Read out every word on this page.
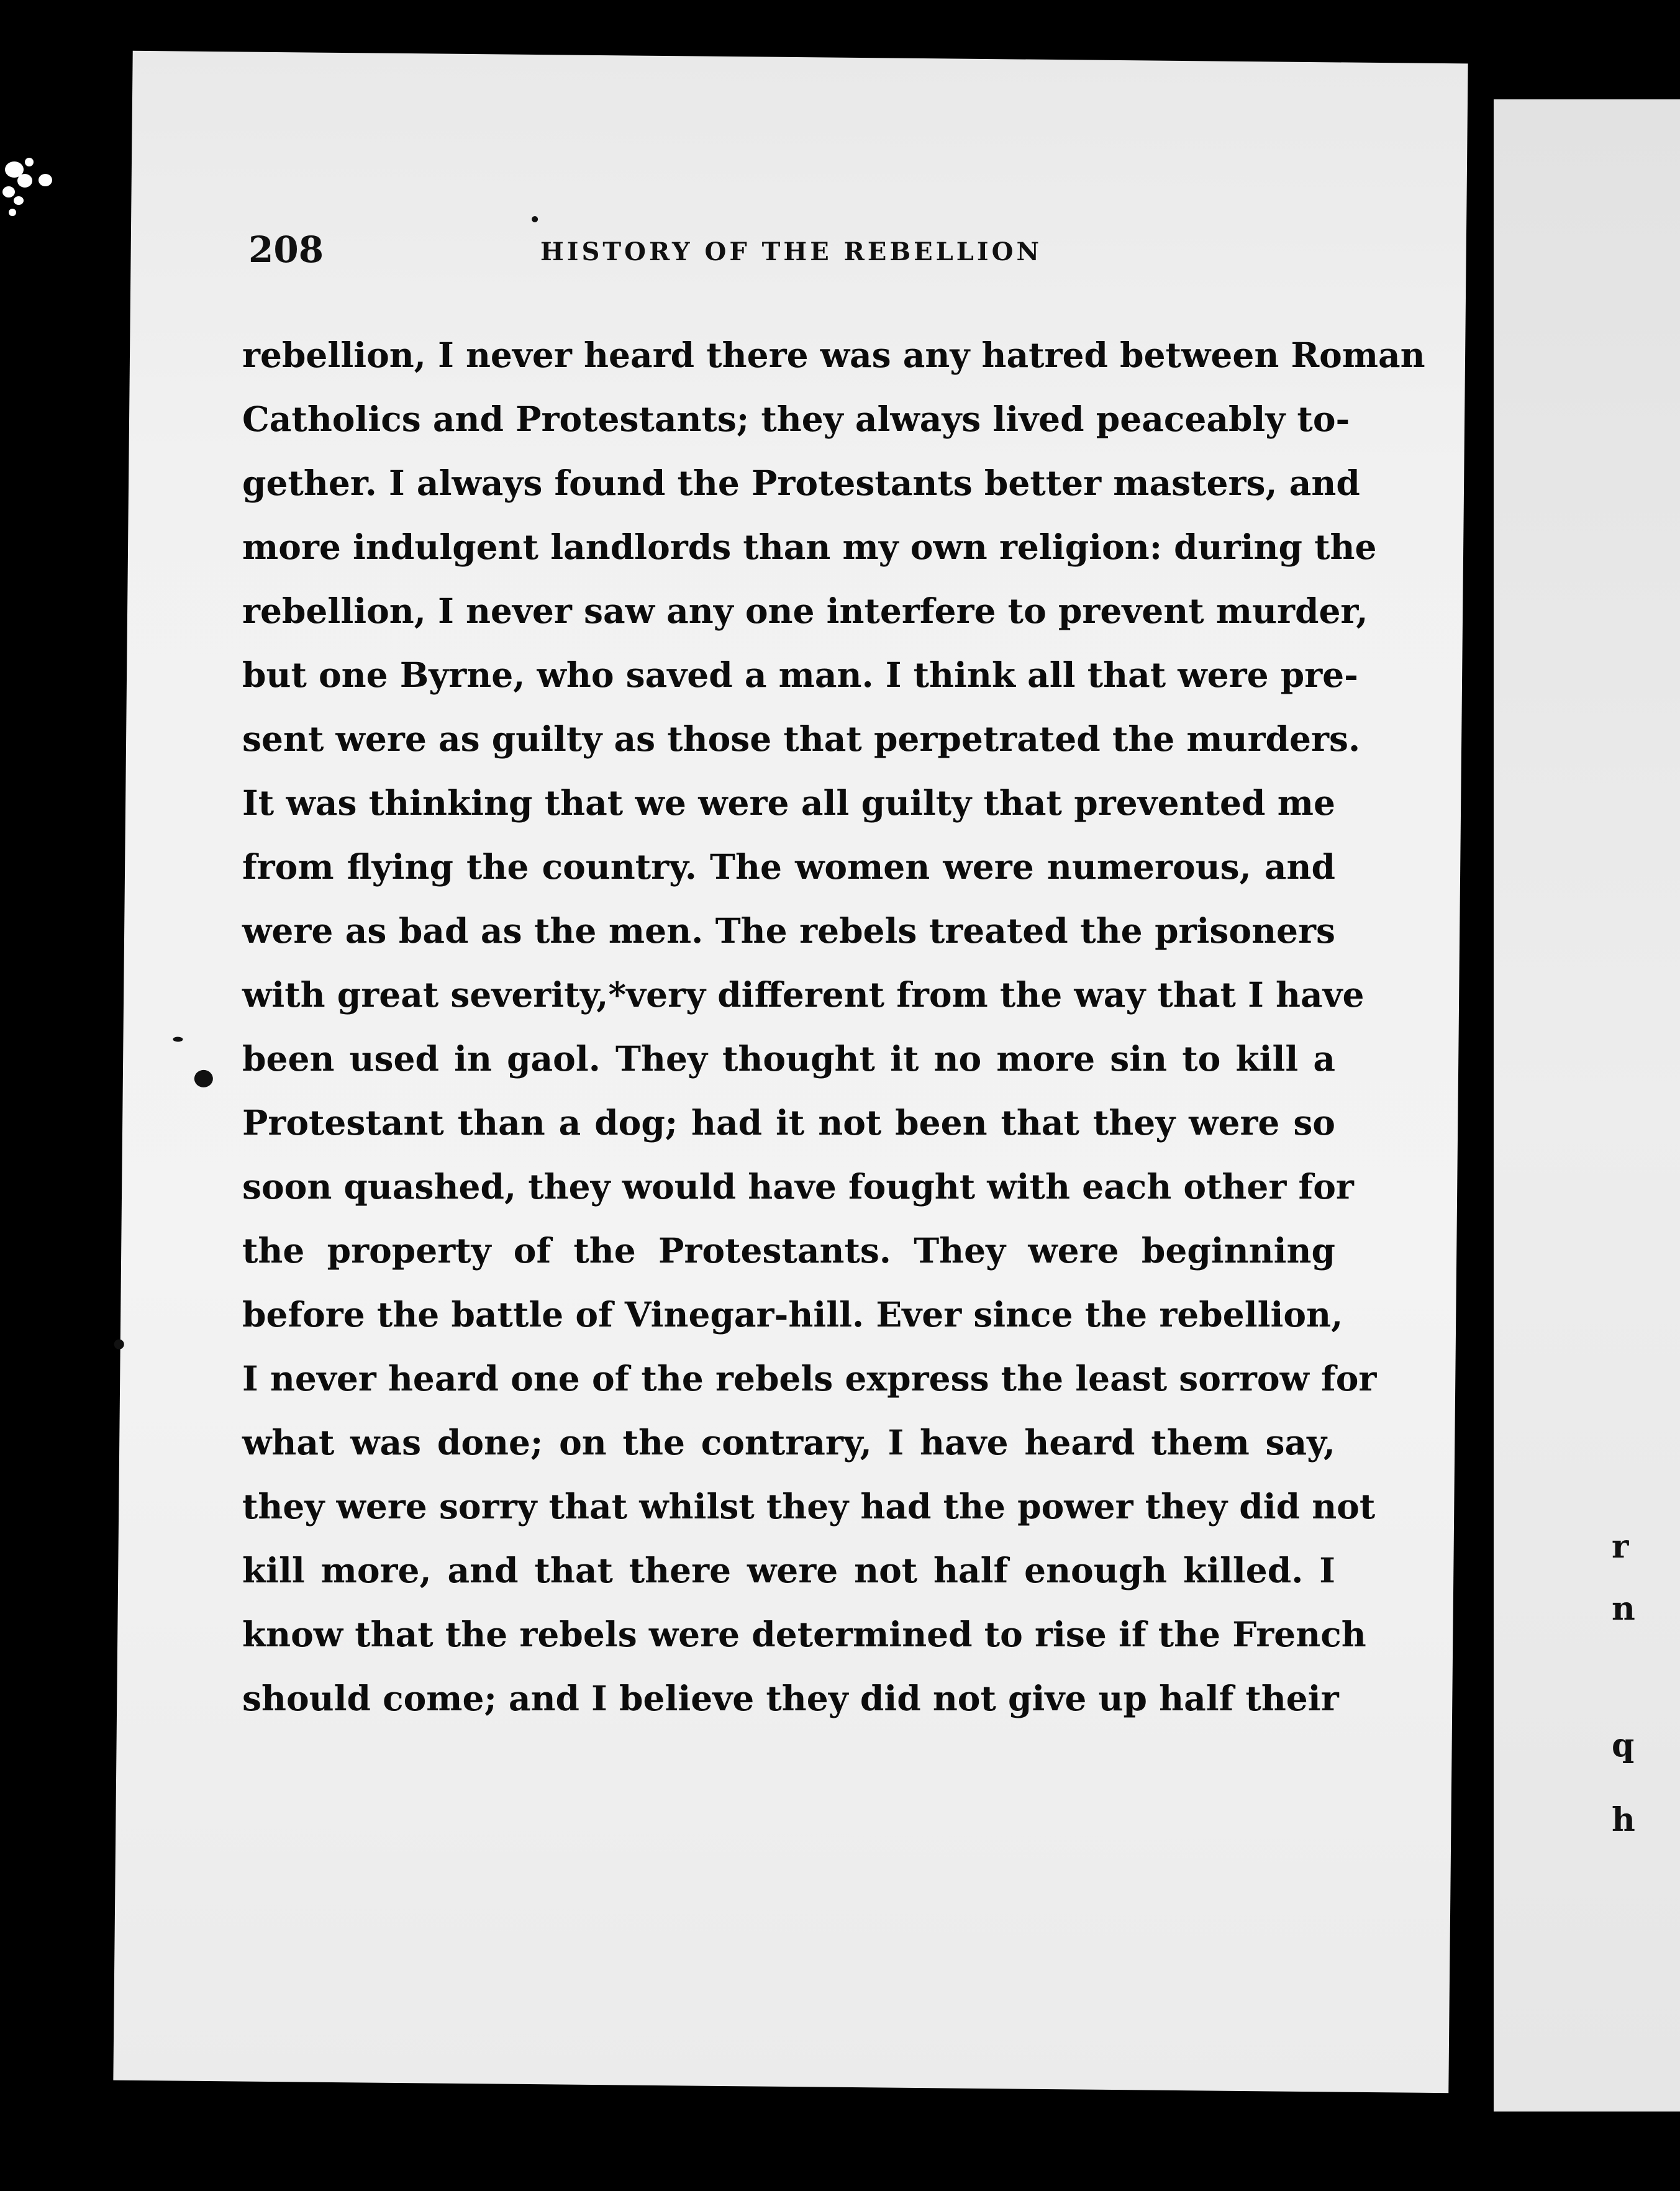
r
n
q
h
208	HISTORY OF THE REBELLION
rebellion, I never heard there was any hatred between Roman
Catholics and Protestants; they always lived peaceably to-
gether. I always found the Protestants better masters, and
more indulgent landlords than my own religion: during the
rebellion, I never saw any one interfere to prevent murder,
but one Byrne, who saved a man. I think all that were pre-
sent were as guilty as those that perpetrated the murders.
It was thinking that we were all guilty that prevented me
from flying the country. The women were numerous, and
were as bad as the men. The rebels treated the prisoners
with great severity,*very different from the way that I have
been used in gaol. They thought it no more sin to kill a
Protestant than a dog; had it not been that they were so
soon quashed, they would have fought with each other for
the property of the Protestants. They were beginning
before the battle of Vinegar-hill. Ever since the rebellion,
I never heard one of the rebels express the least sorrow for
what was done; on the contrary, I have heard them say,
they were sorry that whilst they had the power they did not
kill more, and that there were not half enough killed. I
know that the rebels were determined to rise if the French
should come; and I believe they did not give up half their
